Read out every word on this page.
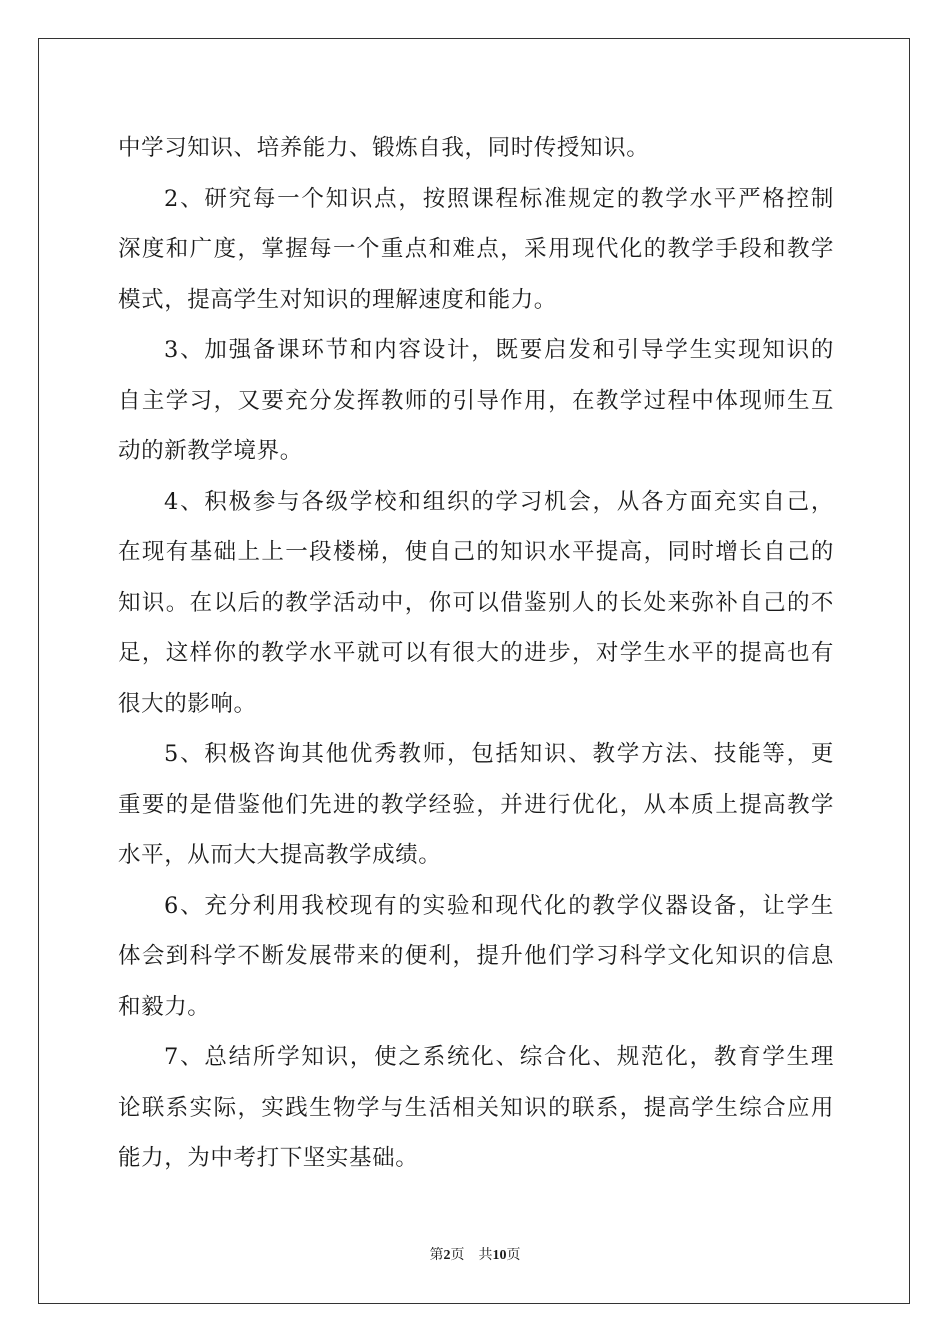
中学习知识、培养能力、锻炼自我，同时传授知识。
2、研究每一个知识点，按照课程标准规定的教学水平严格控制
深度和广度，掌握每一个重点和难点，采用现代化的教学手段和教学
模式，提高学生对知识的理解速度和能力。
3、加强备课环节和内容设计，既要启发和引导学生实现知识的
自主学习，又要充分发挥教师的引导作用，在教学过程中体现师生互
动的新教学境界。
4、积极参与各级学校和组织的学习机会，从各方面充实自己，
在现有基础上上一段楼梯，使自己的知识水平提高，同时增长自己的
知识。在以后的教学活动中，你可以借鉴别人的长处来弥补自己的不
足，这样你的教学水平就可以有很大的进步，对学生水平的提高也有
很大的影响。
5、积极咨询其他优秀教师，包括知识、教学方法、技能等，更
重要的是借鉴他们先进的教学经验，并进行优化，从本质上提高教学
水平，从而大大提高教学成绩。
6、充分利用我校现有的实验和现代化的教学仪器设备，让学生
体会到科学不断发展带来的便利，提升他们学习科学文化知识的信息
和毅力。
7、总结所学知识，使之系统化、综合化、规范化，教育学生理
论联系实际，实践生物学与生活相关知识的联系，提高学生综合应用
能力，为中考打下坚实基础。
第2页　共10页
